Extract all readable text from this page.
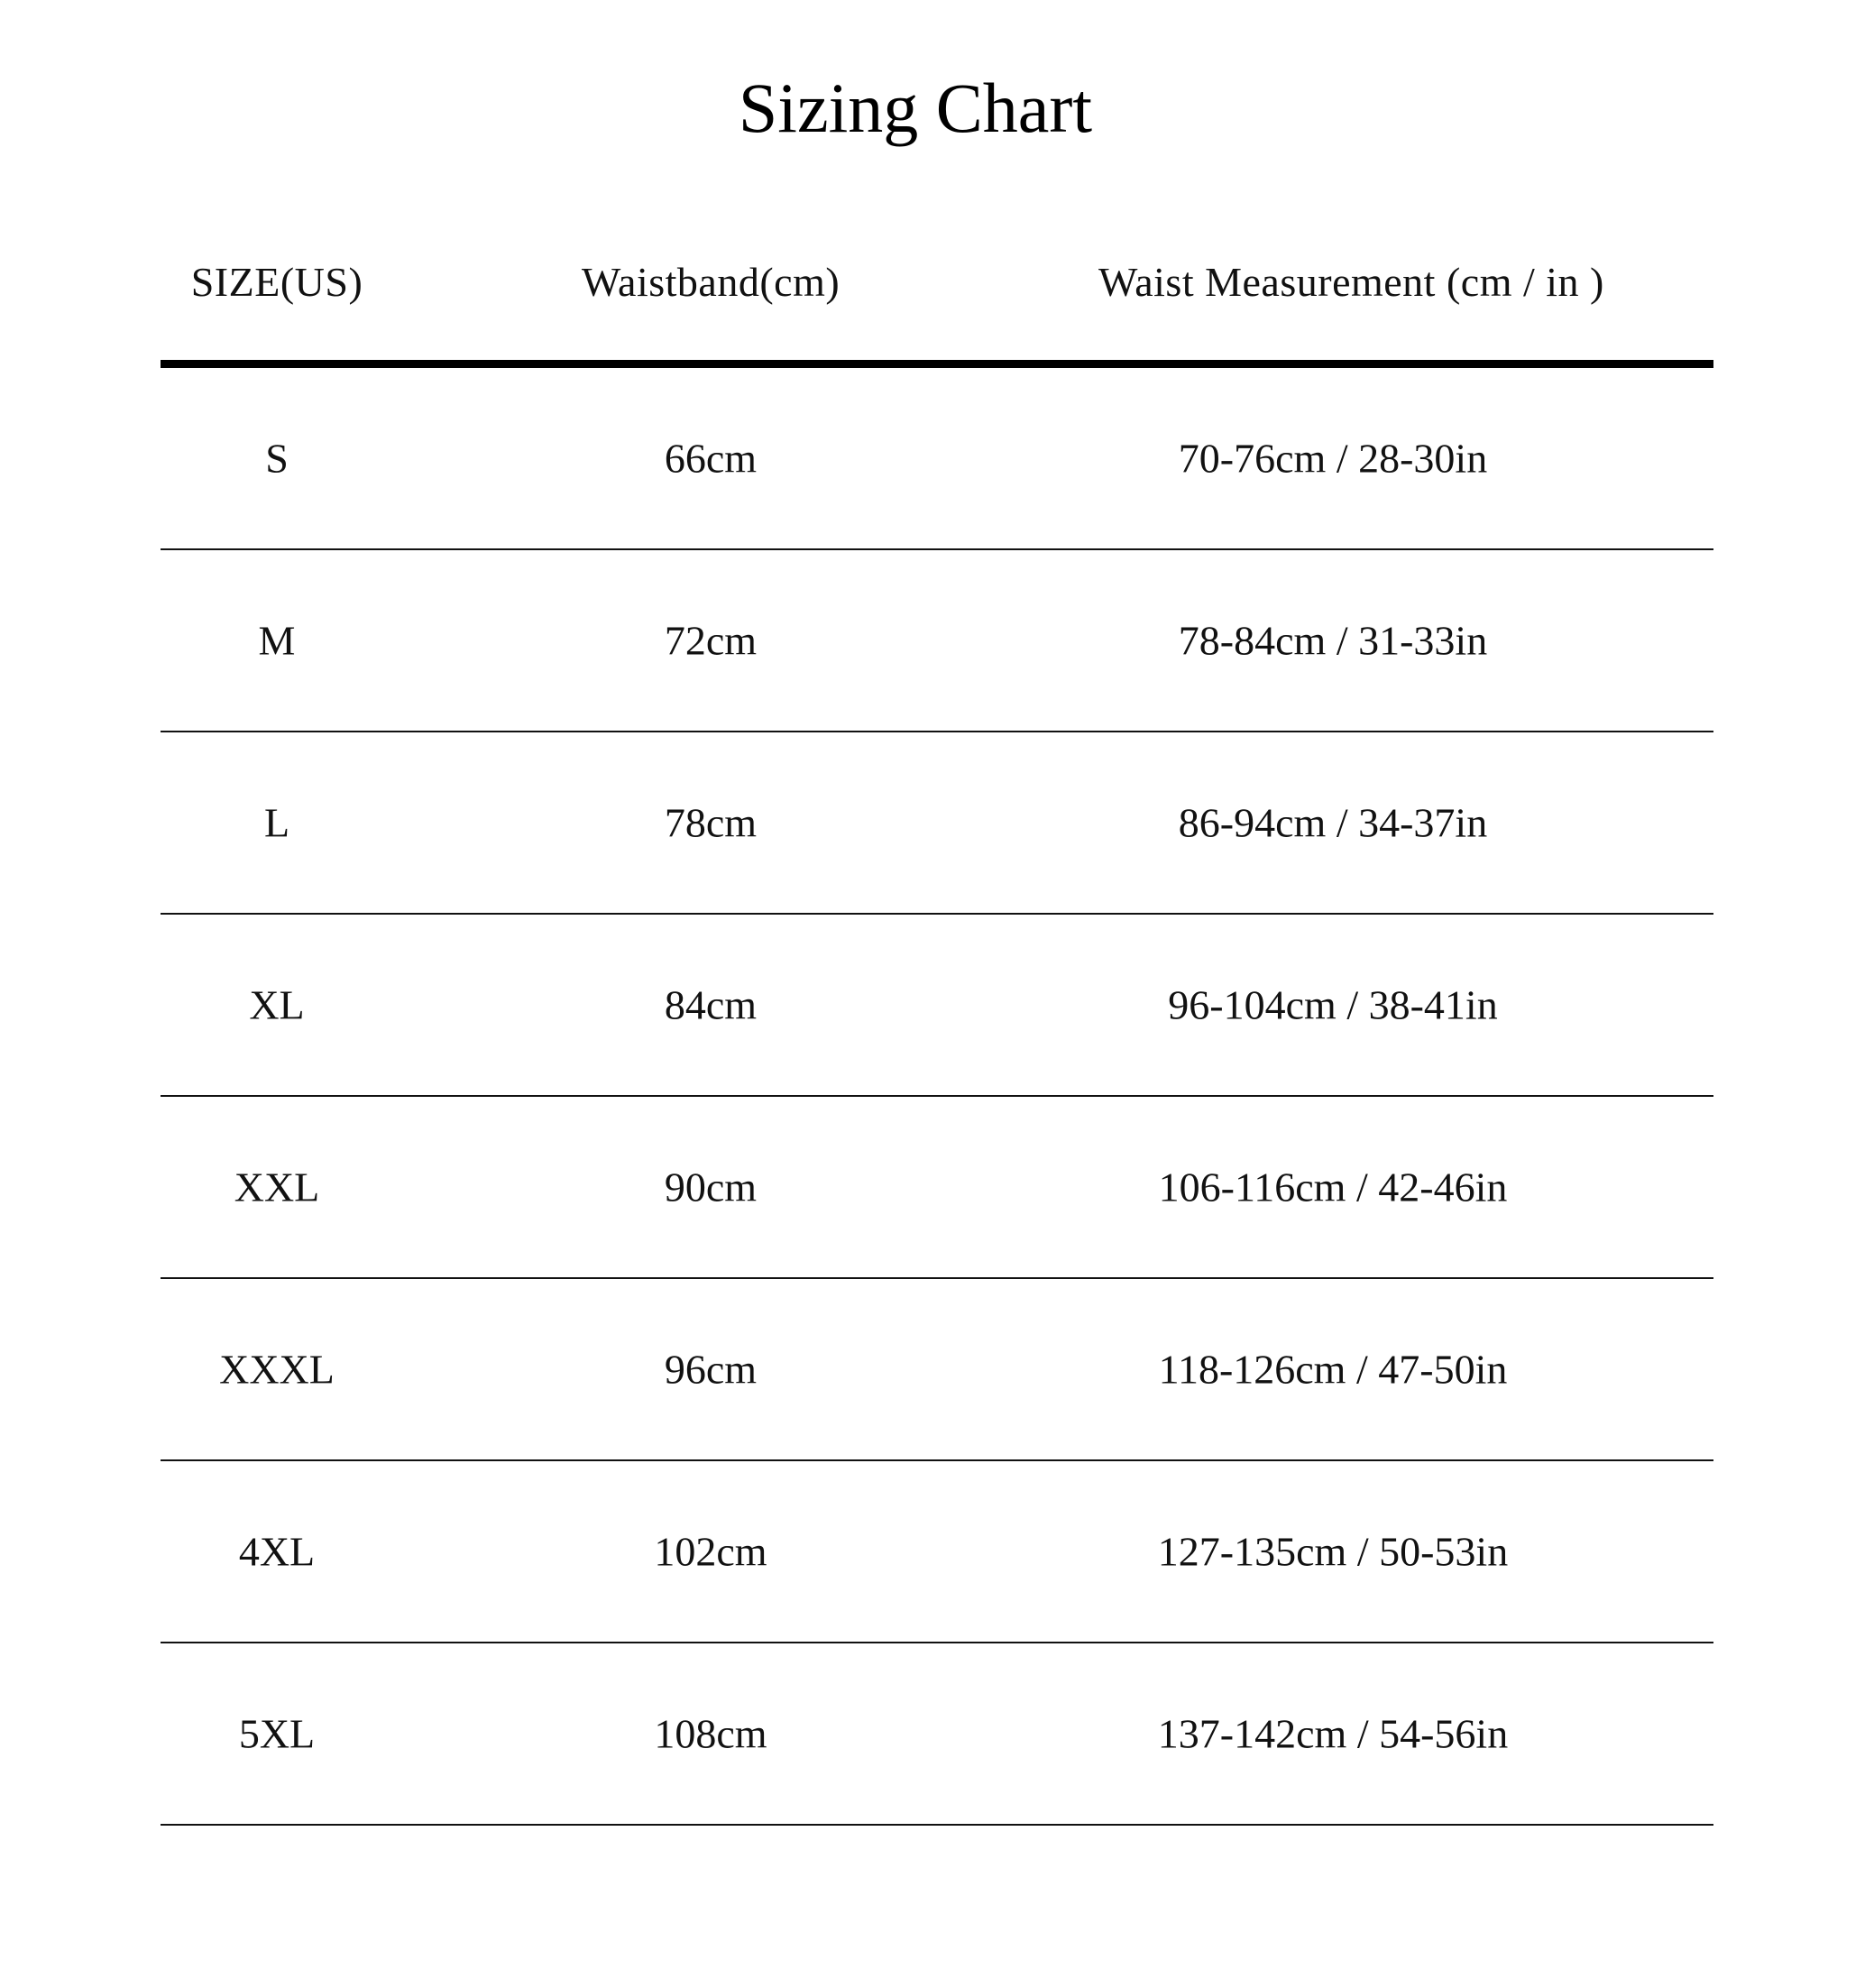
Sizing Chart
SIZE(US)	Waistband(cm)	Waist Measurement (cm / in )
S	66cm	70-76cm / 28-30in
M	72cm	78-84cm / 31-33in
L	78cm	86-94cm / 34-37in
XL	84cm	96-104cm / 38-41in
XXL	90cm	106-116cm / 42-46in
XXXL	96cm	118-126cm / 47-50in
4XL	102cm	127-135cm / 50-53in
5XL	108cm	137-142cm / 54-56in
